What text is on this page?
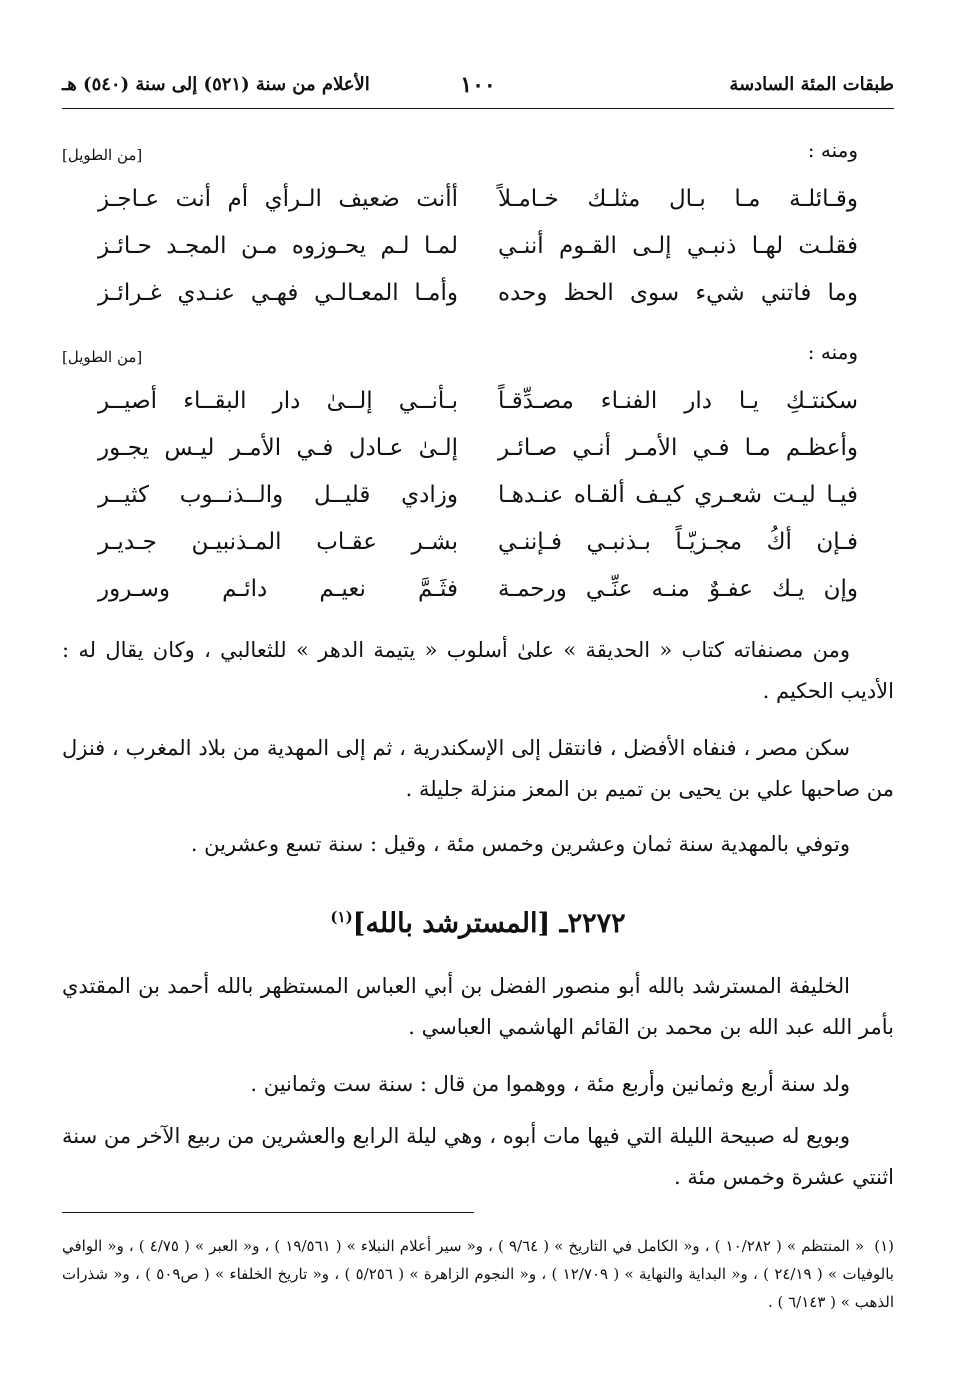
طبقات المئة السادسة
١٠٠
الأعلام من سنة (٥٢١) إلى سنة (٥٤٠) هـ
ومنه :
[من الطويل]
وقـائلـة مـا بـال مثلـك خـامـلاً
أأنت ضعيف الـرأي أم أنت عـاجـز
فقلـت لهـا ذنبـي إلـى القـوم أننـي
لمـا لـم يحـوزوه مـن المجـد حـائـز
وما فاتني شيء سوى الحظ وحده
وأمـا المعـالـي فهـي عنـدي غـرائـز
ومنه :
[من الطويل]
سكنتـكِ يـا دار الفنـاء مصـدِّقـاً
بـأنــي إلــىٰ دار البقــاء أصيــر
وأعظـم مـا فـي الأمـر أنـي صـائـر
إلـىٰ عـادل فـي الأمـر ليـس يجـور
فيـا ليـت شعـري كيـف ألقـاه عنـدهـا
وزادي قليــل والــذنــوب كثيــر
فـإن أكُ مجـزيّـاً بـذنبـي فـإننـي
بشـر عقـاب المـذنبيـن جـديـر
وإن يـك عفـوٌ منـه عنِّـي ورحمـة
فثَـمَّ نعيـم دائـم وسـرور
ومن مصنفاته كتاب « الحديقة » علىٰ أسلوب « يتيمة الدهر » للثعالبي ، وكان يقال له : الأديب الحكيم .
سكن مصر ، فنفاه الأفضل ، فانتقل إلى الإسكندرية ، ثم إلى المهدية من بلاد المغرب ، فنزل من صاحبها علي بن يحيى بن تميم بن المعز منزلة جليلة .
وتوفي بالمهدية سنة ثمان وعشرين وخمس مئة ، وقيل : سنة تسع وعشرين .
٢٢٧٢ـ [المسترشد بالله]$^{(١)}$
الخليفة المسترشد بالله أبو منصور الفضل بن أبي العباس المستظهر بالله أحمد بن المقتدي بأمر الله عبد الله بن محمد بن القائم الهاشمي العباسي .
ولد سنة أربع وثمانين وأربع مئة ، ووهموا من قال : سنة ست وثمانين .
وبويع له صبيحة الليلة التي فيها مات أبوه ، وهي ليلة الرابع والعشرين من ربيع الآخر من سنة اثنتي عشرة وخمس مئة .
(١)  « المنتظم » ( ١٠/٢٨٢ ) ، و« الكامل في التاريخ » ( ٩/٦٤ ) ، و« سير أعلام النبلاء » ( ١٩/٥٦١ ) ، و« العبر » ( ٤/٧٥ ) ، و« الوافي بالوفيات » ( ٢٤/١٩ ) ، و« البداية والنهاية » ( ١٢/٧٠٩ ) ، و« النجوم الزاهرة » ( ٥/٢٥٦ ) ، و« تاريخ الخلفاء » ( ص٥٠٩ ) ، و« شذرات الذهب » ( ٦/١٤٣ ) .
